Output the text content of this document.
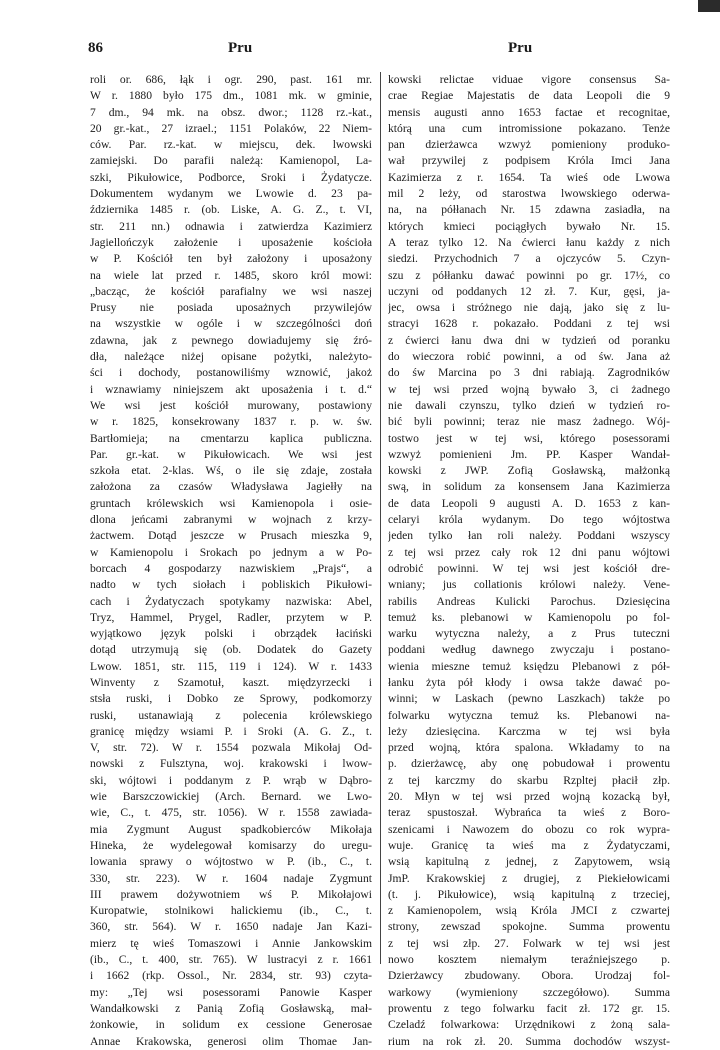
86	Pru	Pru
roli or. 686, łąk i ogr. 290, past. 161 mr.
W r. 1880 było 175 dm., 1081 mk. w gminie,
7 dm., 94 mk. na obsz. dwor.; 1128 rz.-kat.,
20 gr.-kat., 27 izrael.; 1151 Polaków, 22 Niem-
ców. Par. rz.-kat. w miejscu, dek. lwowski
zamiejski. Do parafii należą: Kamienopol, La-
szki, Pikułowice, Podborce, Sroki i Żydatycze.
Dokumentem wydanym we Lwowie d. 23 pa-
ździernika 1485 r. (ob. Liske, A. G. Z., t. VI,
str. 211 nn.) odnawia i zatwierdza Kazimierz
Jagiellończyk założenie i uposażenie kościoła
w P. Kościół ten był założony i uposażony
na wiele lat przed r. 1485, skoro król mowi:
„bacząc, że kościół parafialny we wsi naszej
Prusy nie posiada uposażnych przywilejów
na wszystkie w ogóle i w szczególności doń
zdawna, jak z pewnego dowiadujemy się źró-
dła, należące niżej opisane pożytki, należyto-
ści i dochody, postanowiliśmy wznowić, jakoż
i wznawiamy niniejszem akt uposażenia i t. d.“
We wsi jest kościół murowany, postawiony
w r. 1825, konsekrowany 1837 r. p. w. św.
Bartłomieja; na cmentarzu kaplica publiczna.
Par. gr.-kat. w Pikułowicach. We wsi jest
szkoła etat. 2-klas. Wś, o ile się zdaje, została
założona za czasów Władysława Jagiełły na
gruntach królewskich wsi Kamienopola i osie-
dlona jeńcami zabranymi w wojnach z krzy-
żactwem. Dotąd jeszcze w Prusach mieszka 9,
w Kamienopolu i Srokach po jednym a w Po-
borcach 4 gospodarzy nazwiskiem „Prajs“, a
nadto w tych siołach i pobliskich Pikułowi-
cach i Żydatyczach spotykamy nazwiska: Abel,
Tryz, Hammel, Prygel, Radler, przytem w P.
wyjątkowo język polski i obrządek łaciński
dotąd utrzymują się (ob. Dodatek do Gazety
Lwow. 1851, str. 115, 119 i 124). W r. 1433
Winventy z Szamotuł, kaszt. międzyrzecki i
stsła ruski, i Dobko ze Sprowy, podkomorzy
ruski, ustanawiają z polecenia królewskiego
granicę między wsiami P. i Sroki (A. G. Z., t.
V, str. 72). W r. 1554 pozwala Mikołaj Od-
nowski z Fulsztyna, woj. krakowski i lwow-
ski, wójtowi i poddanym z P. wrąb w Dąbro-
wie Barszczowickiej (Arch. Bernard. we Lwo-
wie, C., t. 475, str. 1056). W r. 1558 zawiada-
mia Zygmunt August spadkobierców Mikołaja
Hineka, że wydelegował komisarzy do uregu-
lowania sprawy o wójtostwo w P. (ib., C., t.
330, str. 223). W r. 1604 nadaje Zygmunt
III prawem dożywotniem wś P. Mikołajowi
Kuropatwie, stolnikowi halickiemu (ib., C., t.
360, str. 564). W r. 1650 nadaje Jan Kazi-
mierz tę wieś Tomaszowi i Annie Jankowskim
(ib., C., t. 400, str. 765). W lustracyi z r. 1661
i 1662 (rkp. Ossol., Nr. 2834, str. 93) czyta-
my: „Tej wsi posessorami Panowie Kasper
Wandałkowski z Panią Zofią Gosławską, mał-
żonkowie, in solidum ex cessione Generosae
Annae Krakowska, generosi olim Thomae Jan-
kowski relictae viduae vigore consensus Sa-
crae Regiae Majestatis de data Leopoli die 9
mensis augusti anno 1653 factae et recognitae,
którą una cum intromissione pokazano. Tenże
pan dzierżawca wzwyż pomieniony produko-
wał przywilej z podpisem Króla Imci Jana
Kazimierza z r. 1654. Ta wieś ode Lwowa
mil 2 leży, od starostwa lwowskiego oderwa-
na, na półłanach Nr. 15 zdawna zasiadła, na
których kmieci pociągłych bywało Nr. 15.
A teraz tylko 12. Na ćwierci łanu każdy z nich
siedzi. Przychodnich 7 a ojczyców 5. Czyn-
szu z półłanku dawać powinni po gr. 17½, co
uczyni od poddanych 12 zł. 7. Kur, gęsi, ja-
jec, owsa i stróżnego nie dają, jako się z lu-
stracyi 1628 r. pokazało. Poddani z tej wsi
z ćwierci łanu dwa dni w tydzień od poranku
do wieczora robić powinni, a od św. Jana aż
do św Marcina po 3 dni rabiają. Zagrodników
w tej wsi przed wojną bywało 3, ci żadnego
nie dawali czynszu, tylko dzień w tydzień ro-
bić byli powinni; teraz nie masz żadnego. Wój-
tostwo jest w tej wsi, którego posessorami
wzwyż pomienieni Jm. PP. Kasper Wandał-
kowski z JWP. Zofią Gosławską, małżonką
swą, in solidum za konsensem Jana Kazimierza
de data Leopoli 9 augusti A. D. 1653 z kan-
celaryi króla wydanym. Do tego wójtostwa
jeden tylko łan roli należy. Poddani wszyscy
z tej wsi przez cały rok 12 dni panu wójtowi
odrobić powinni. W tej wsi jest kościół dre-
wniany; jus collationis królowi należy. Vene-
rabilis Andreas Kulicki Parochus. Dziesięcina
temuż ks. plebanowi w Kamienopolu po fol-
warku wytyczna należy, a z Prus tuteczni
poddani według dawnego zwyczaju i postano-
wienia mieszne temuż księdzu Plebanowi z pół-
łanku żyta pół kłody i owsa także dawać po-
winni; w Laskach (pewno Laszkach) także po
folwarku wytyczna temuż ks. Plebanowi na-
leży dziesięcina. Karczma w tej wsi była
przed wojną, która spalona. Wkładamy to na
p. dzierżawcę, aby onę pobudował i prowentu
z tej karczmy do skarbu Rzpltej płacił złp.
20. Młyn w tej wsi przed wojną kozacką był,
teraz spustoszał. Wybrańca ta wieś z Boro-
szenicami i Nawozem do obozu co rok wypra-
wuje. Granicę ta wieś ma z Żydatyczami,
wsią kapitulną z jednej, z Zapytowem, wsią
JmP. Krakowskiej z drugiej, z Piekiełowicami
(t. j. Pikułowice), wsią kapitulną z trzeciej,
z Kamienopolem, wsią Króla JMCI z czwartej
strony, zewszad spokojne. Summa prowentu
z tej wsi złp. 27. Folwark w tej wsi jest
nowo kosztem niemałym teraźniejszego p.
Dzierżawcy zbudowany. Obora. Urodzaj fol-
warkowy (wymieniony szczegółowo). Summa
prowentu z tego folwarku facit zł. 172 gr. 15.
Czeladź folwarkowa: Urzędnikowi z żoną sala-
rium na rok zł. 20. Summa dochodów wszyst-
